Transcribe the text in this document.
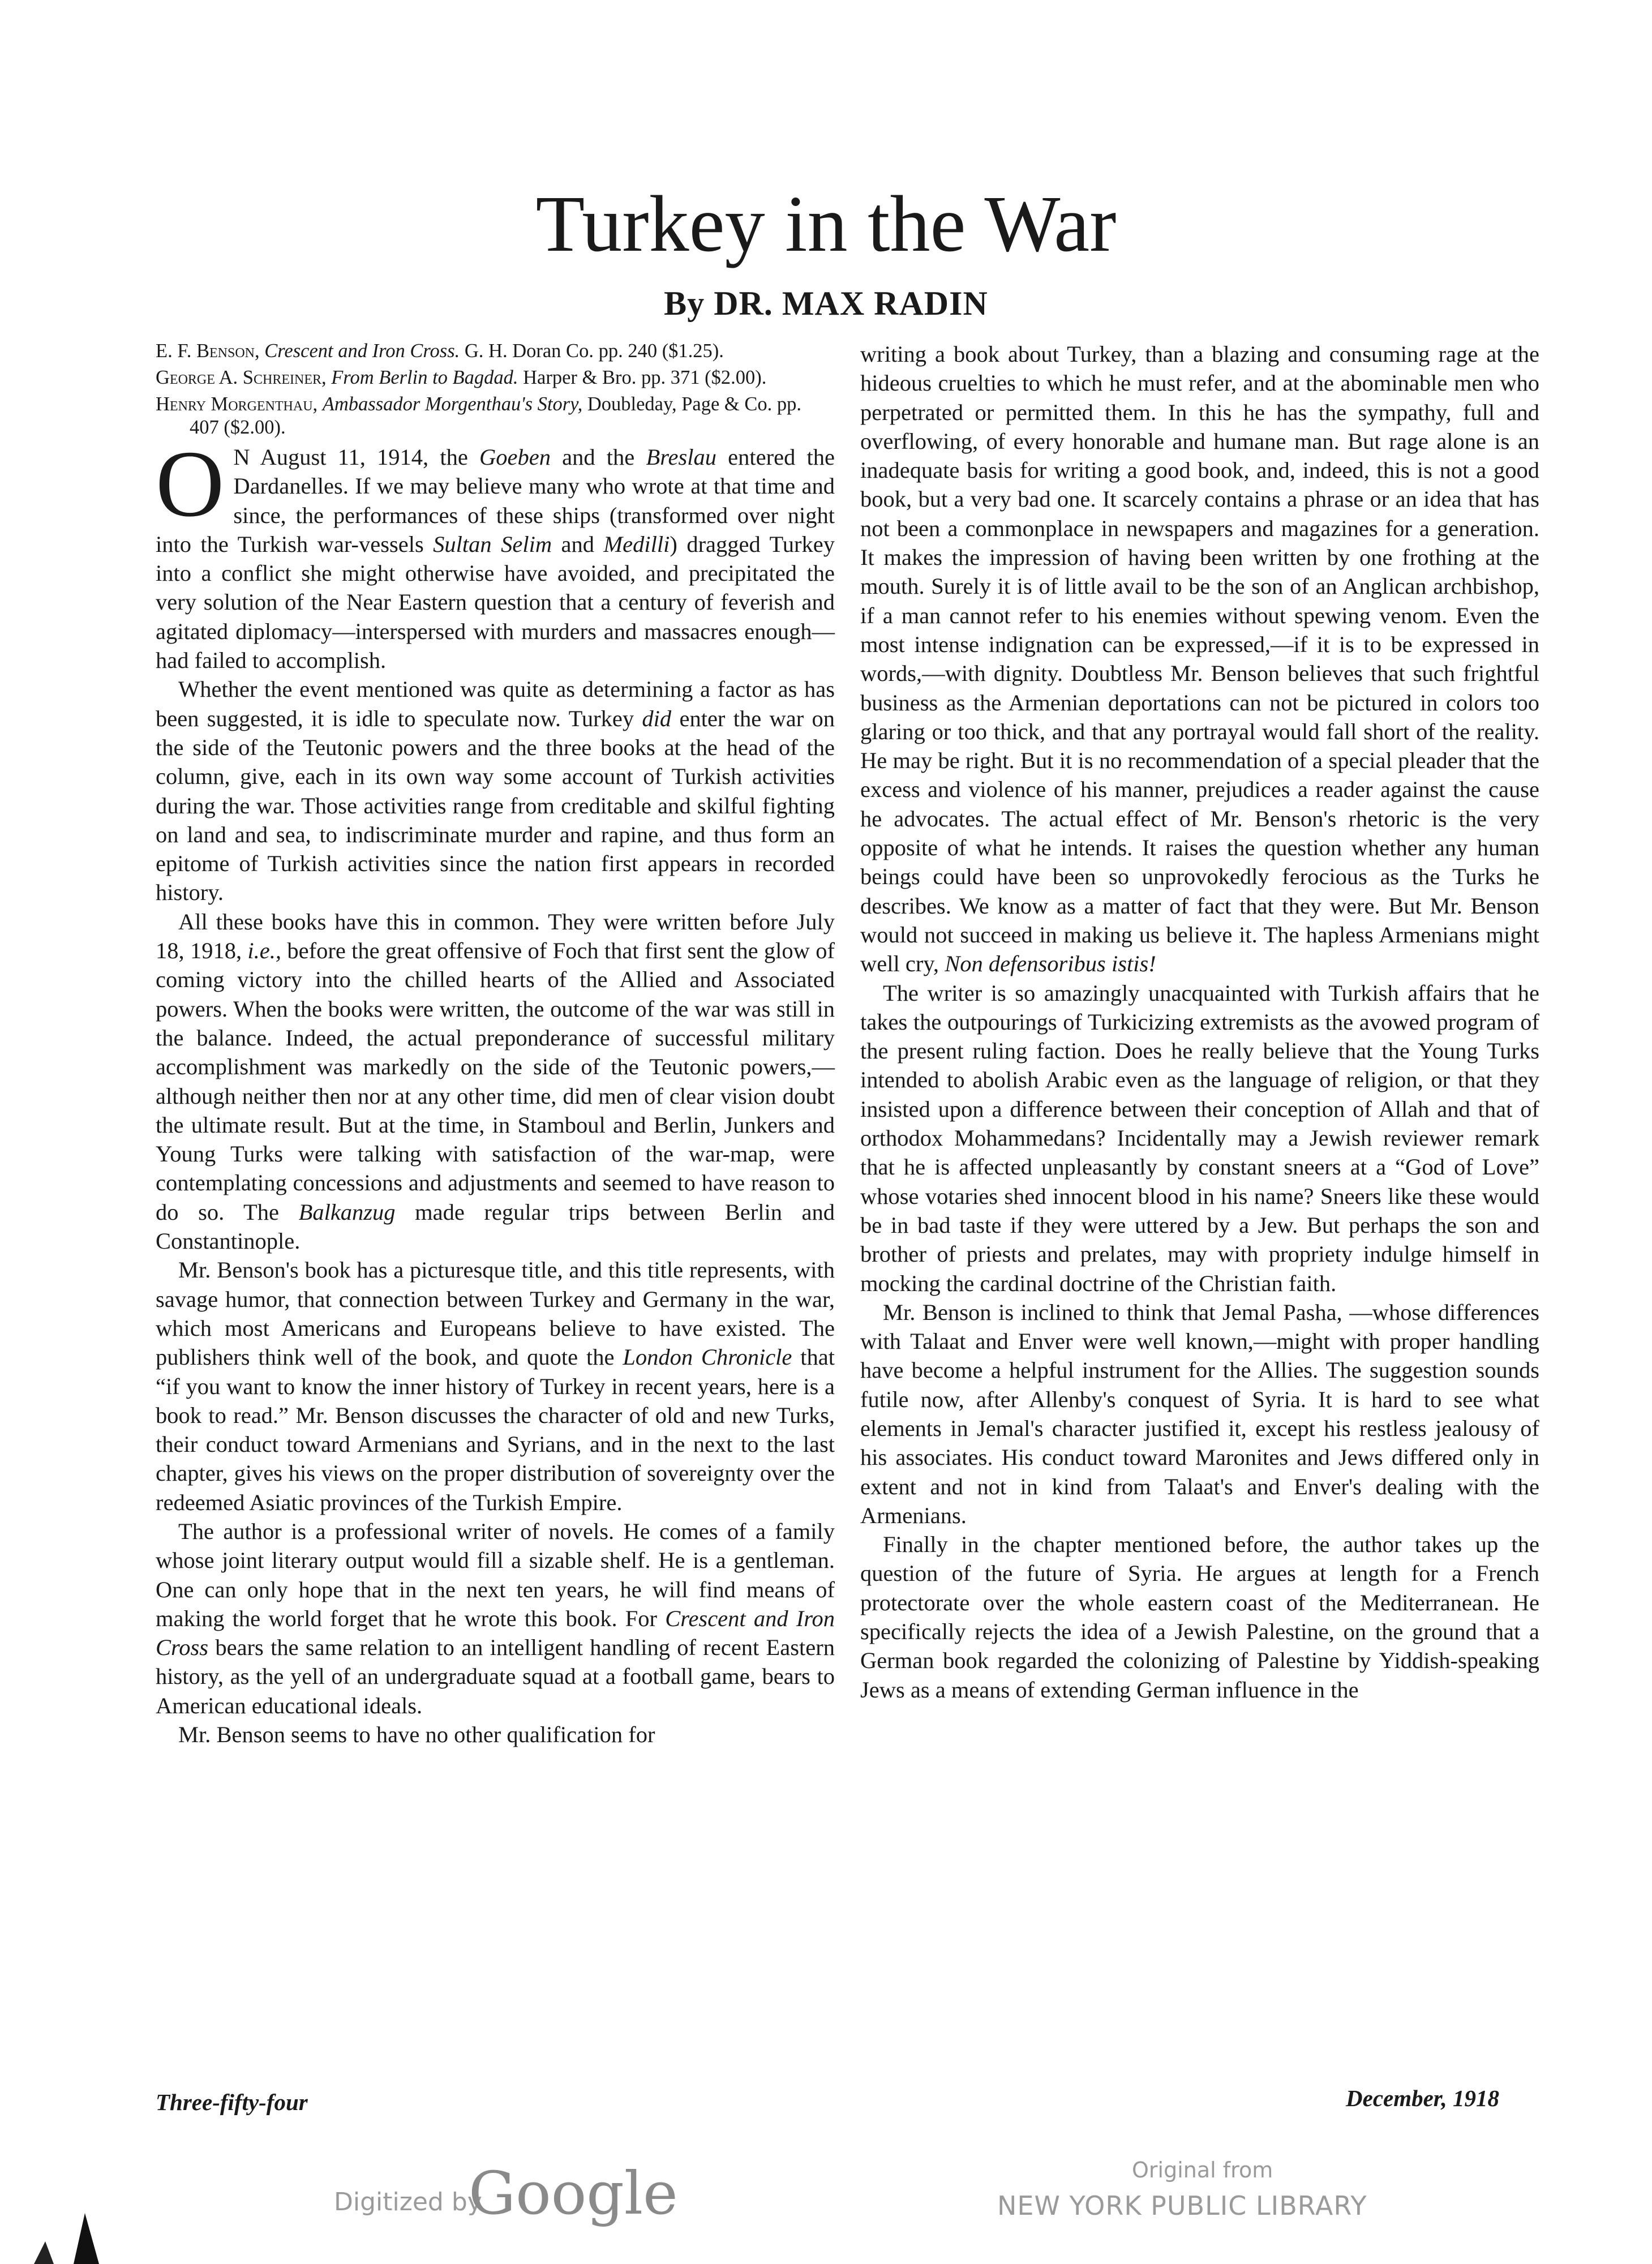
Turkey in the War
By DR. MAX RADIN
E. F. Benson, Crescent and Iron Cross. G. H. Doran Co. pp. 240 ($1.25).
George A. Schreiner, From Berlin to Bagdad. Harper & Bro. pp. 371 ($2.00).
Henry Morgenthau, Ambassador Morgenthau's Story, Doubleday, Page & Co. pp. 407 ($2.00).

O N August 11, 1914, the Goeben and the Breslau entered the Dardanelles. If we may believe many who wrote at that time and since, the performances of these ships (transformed over night into the Turkish war-vessels Sultan Selim and Medilli) dragged Turkey into a conflict she might otherwise have avoided, and precipitated the very solution of the Near Eastern question that a century of feverish and agitated diplomacy—interspersed with murders and massacres enough—had failed to accomplish.

Whether the event mentioned was quite as determining a factor as has been suggested, it is idle to speculate now. Turkey did enter the war on the side of the Teutonic powers and the three books at the head of the column, give, each in its own way some account of Turkish activities during the war. Those activities range from creditable and skilful fighting on land and sea, to indiscriminate murder and rapine, and thus form an epitome of Turkish activities since the nation first appears in recorded history.

All these books have this in common. They were written before July 18, 1918, i.e., before the great offensive of Foch that first sent the glow of coming victory into the chilled hearts of the Allied and Associated powers. When the books were written, the outcome of the war was still in the balance. Indeed, the actual preponderance of successful military accomplishment was markedly on the side of the Teutonic powers,—although neither then nor at any other time, did men of clear vision doubt the ultimate result. But at the time, in Stamboul and Berlin, Junkers and Young Turks were talking with satisfaction of the war-map, were contemplating concessions and adjustments and seemed to have reason to do so. The Balkanzug made regular trips between Berlin and Constantinople.

Mr. Benson's book has a picturesque title, and this title represents, with savage humor, that connection between Turkey and Germany in the war, which most Americans and Europeans believe to have existed. The publishers think well of the book, and quote the London Chronicle that “if you want to know the inner history of Turkey in recent years, here is a book to read.” Mr. Benson discusses the character of old and new Turks, their conduct toward Armenians and Syrians, and in the next to the last chapter, gives his views on the proper distribution of sovereignty over the redeemed Asiatic provinces of the Turkish Empire.

The author is a professional writer of novels. He comes of a family whose joint literary output would fill a sizable shelf. He is a gentleman. One can only hope that in the next ten years, he will find means of making the world forget that he wrote this book. For Crescent and Iron Cross bears the same relation to an intelligent handling of recent Eastern history, as the yell of an undergraduate squad at a football game, bears to American educational ideals.

Mr. Benson seems to have no other qualification for

writing a book about Turkey, than a blazing and consuming rage at the hideous cruelties to which he must refer, and at the abominable men who perpetrated or permitted them. In this he has the sympathy, full and overflowing, of every honorable and humane man. But rage alone is an inadequate basis for writing a good book, and, indeed, this is not a good book, but a very bad one. It scarcely contains a phrase or an idea that has not been a commonplace in newspapers and magazines for a generation. It makes the impression of having been written by one frothing at the mouth. Surely it is of little avail to be the son of an Anglican archbishop, if a man cannot refer to his enemies without spewing venom. Even the most intense indignation can be expressed,—if it is to be expressed in words,—with dignity. Doubtless Mr. Benson believes that such frightful business as the Armenian deportations can not be pictured in colors too glaring or too thick, and that any portrayal would fall short of the reality. He may be right. But it is no recommendation of a special pleader that the excess and violence of his manner, prejudices a reader against the cause he advocates. The actual effect of Mr. Benson's rhetoric is the very opposite of what he intends. It raises the question whether any human beings could have been so unprovokedly ferocious as the Turks he describes. We know as a matter of fact that they were. But Mr. Benson would not succeed in making us believe it. The hapless Armenians might well cry, Non defensoribus istis!

The writer is so amazingly unacquainted with Turkish affairs that he takes the outpourings of Turkicizing extremists as the avowed program of the present ruling faction. Does he really believe that the Young Turks intended to abolish Arabic even as the language of religion, or that they insisted upon a difference between their conception of Allah and that of orthodox Mohammedans? Incidentally may a Jewish reviewer remark that he is affected unpleasantly by constant sneers at a “God of Love” whose votaries shed innocent blood in his name? Sneers like these would be in bad taste if they were uttered by a Jew. But perhaps the son and brother of priests and prelates, may with propriety indulge himself in mocking the cardinal doctrine of the Christian faith.

Mr. Benson is inclined to think that Jemal Pasha, —whose differences with Talaat and Enver were well known,—might with proper handling have become a helpful instrument for the Allies. The suggestion sounds futile now, after Allenby's conquest of Syria. It is hard to see what elements in Jemal's character justified it, except his restless jealousy of his associates. His conduct toward Maronites and Jews differed only in extent and not in kind from Talaat's and Enver's dealing with the Armenians.

Finally in the chapter mentioned before, the author takes up the question of the future of Syria. He argues at length for a French protectorate over the whole eastern coast of the Mediterranean. He specifically rejects the idea of a Jewish Palestine, on the ground that a German book regarded the colonizing of Palestine by Yiddish-speaking Jews as a means of extending German influence in the

Three-fifty-four	December, 1918
Digitized by
Google	Original from
NEW YORK PUBLIC LIBRARY
